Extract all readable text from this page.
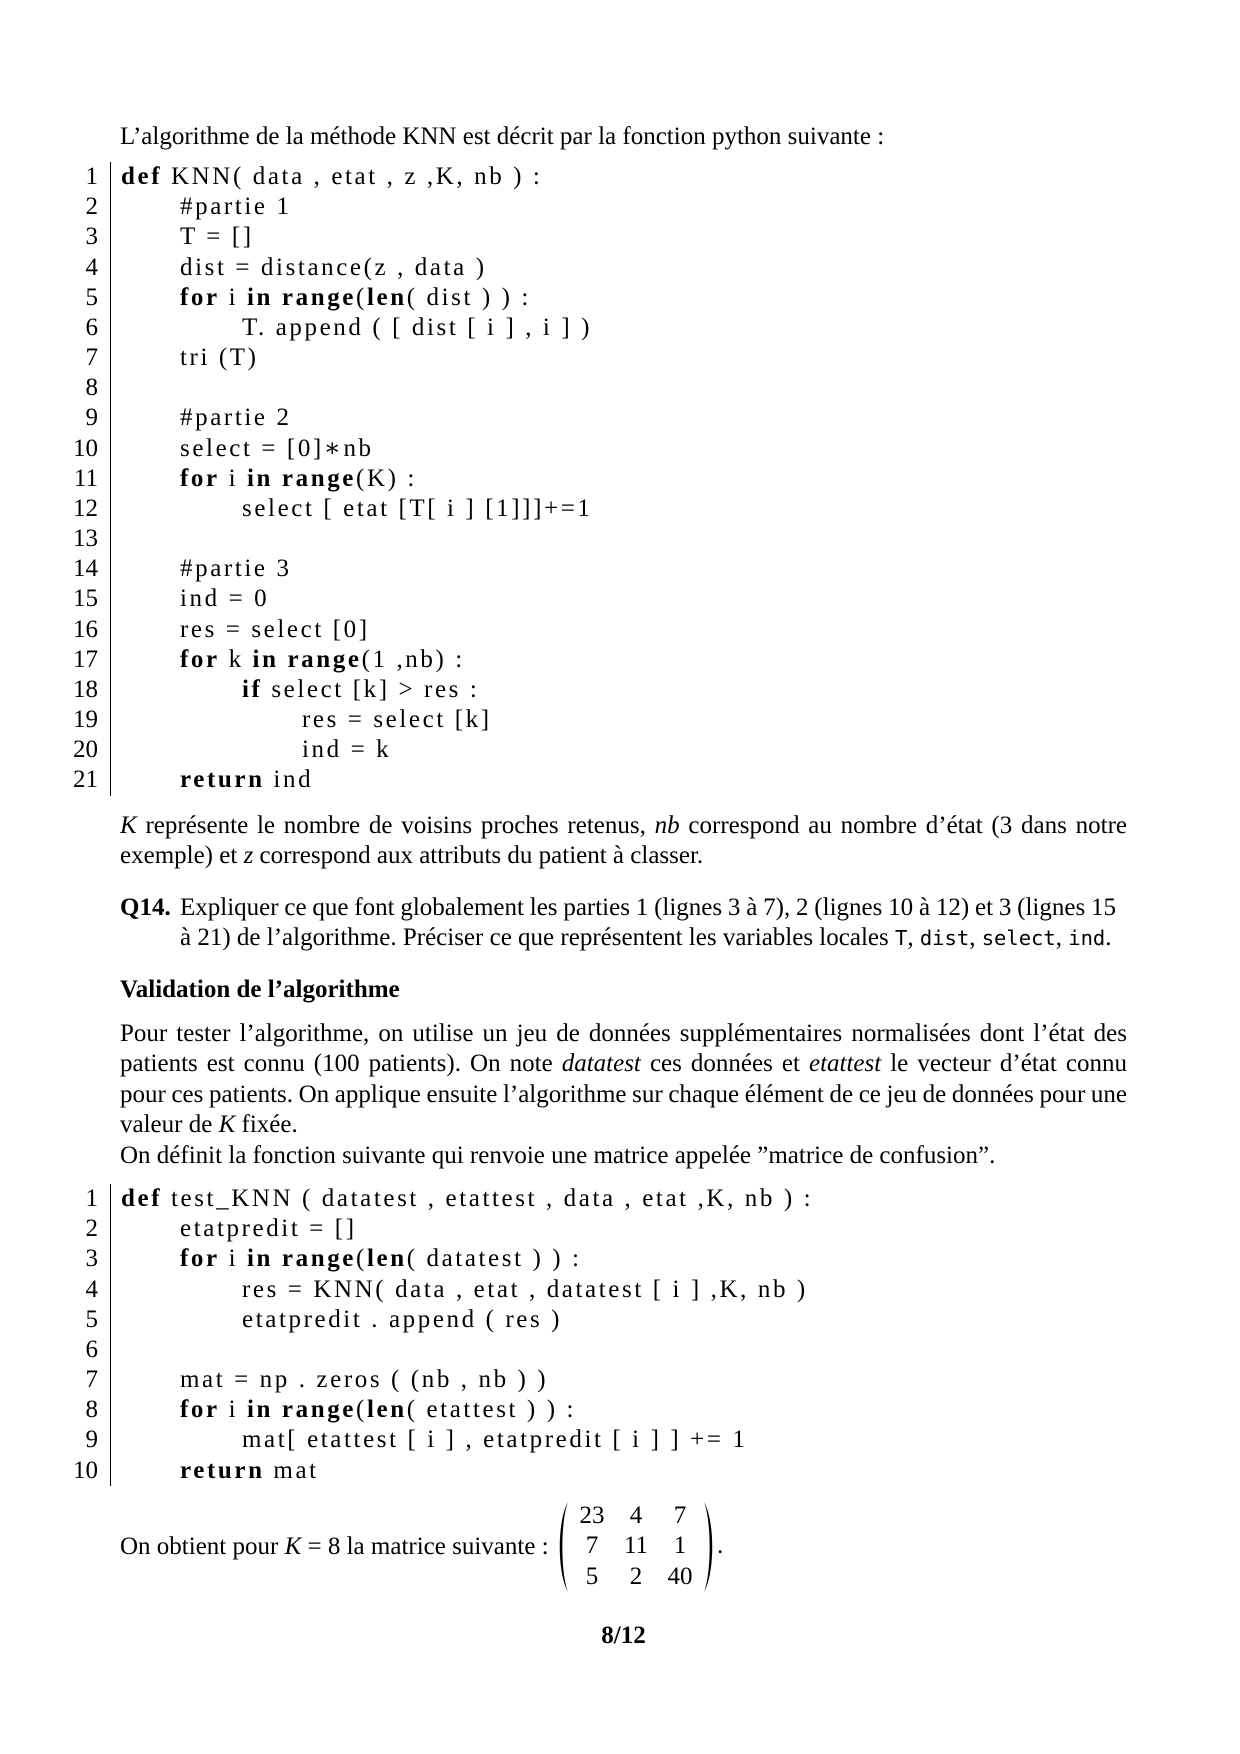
L’algorithme de la méthode KNN est décrit par la fonction python suivante :
1 def KNN( data , etat , z ,K, nb ) :
2	#partie 1
3	T = []
4	dist = distance(z , data )
5	for i in range(len( dist ) ) :
6	T. append ( [ dist [ i ] , i ] )
7	tri (T)
8
9	#partie 2
10	select = [0]∗nb
11	for i in range(K) :
12	select [ etat [T[ i ] [1]]]+=1
13
14	#partie 3
15	ind = 0
16	res = select [0]
17	for k in range(1 ,nb) :
18	if select [k] > res :
19	res = select [k]
20	ind = k
21	return ind
K représente le nombre de voisins proches retenus, nb correspond au nombre d’état (3 dans notre
exemple) et z correspond aux attributs du patient à classer.
Q14. Expliquer ce que font globalement les parties 1 (lignes 3 à 7), 2 (lignes 10 à 12) et 3 (lignes 15
à 21) de l’algorithme. Préciser ce que représentent les variables locales T, dist, select, ind.
Validation de l’algorithme
Pour tester l’algorithme, on utilise un jeu de données supplémentaires normalisées dont l’état des
patients est connu (100 patients). On note datatest ces données et etattest le vecteur d’état connu
pour ces patients. On applique ensuite l’algorithme sur chaque élément de ce jeu de données pour une
valeur de K fixée.
On définit la fonction suivante qui renvoie une matrice appelée ”matrice de confusion”.
1 def test_KNN ( datatest , etattest , data , etat ,K, nb ) :
2	etatpredit = []
3	for i in range(len( datatest ) ) :
4	res = KNN( data , etat , datatest [ i ] ,K, nb )
5	etatpredit . append ( res )
6
7	mat = np . zeros ( (nb , nb ) )
8	for i in range(len( etattest ) ) :
9	mat[ etattest [ i ] , etatpredit [ i ] ] += 1
10	return mat
On obtient pour K = 8 la matrice suivante :
23	4	7
7	11	1
5	2	40
.
8/12
